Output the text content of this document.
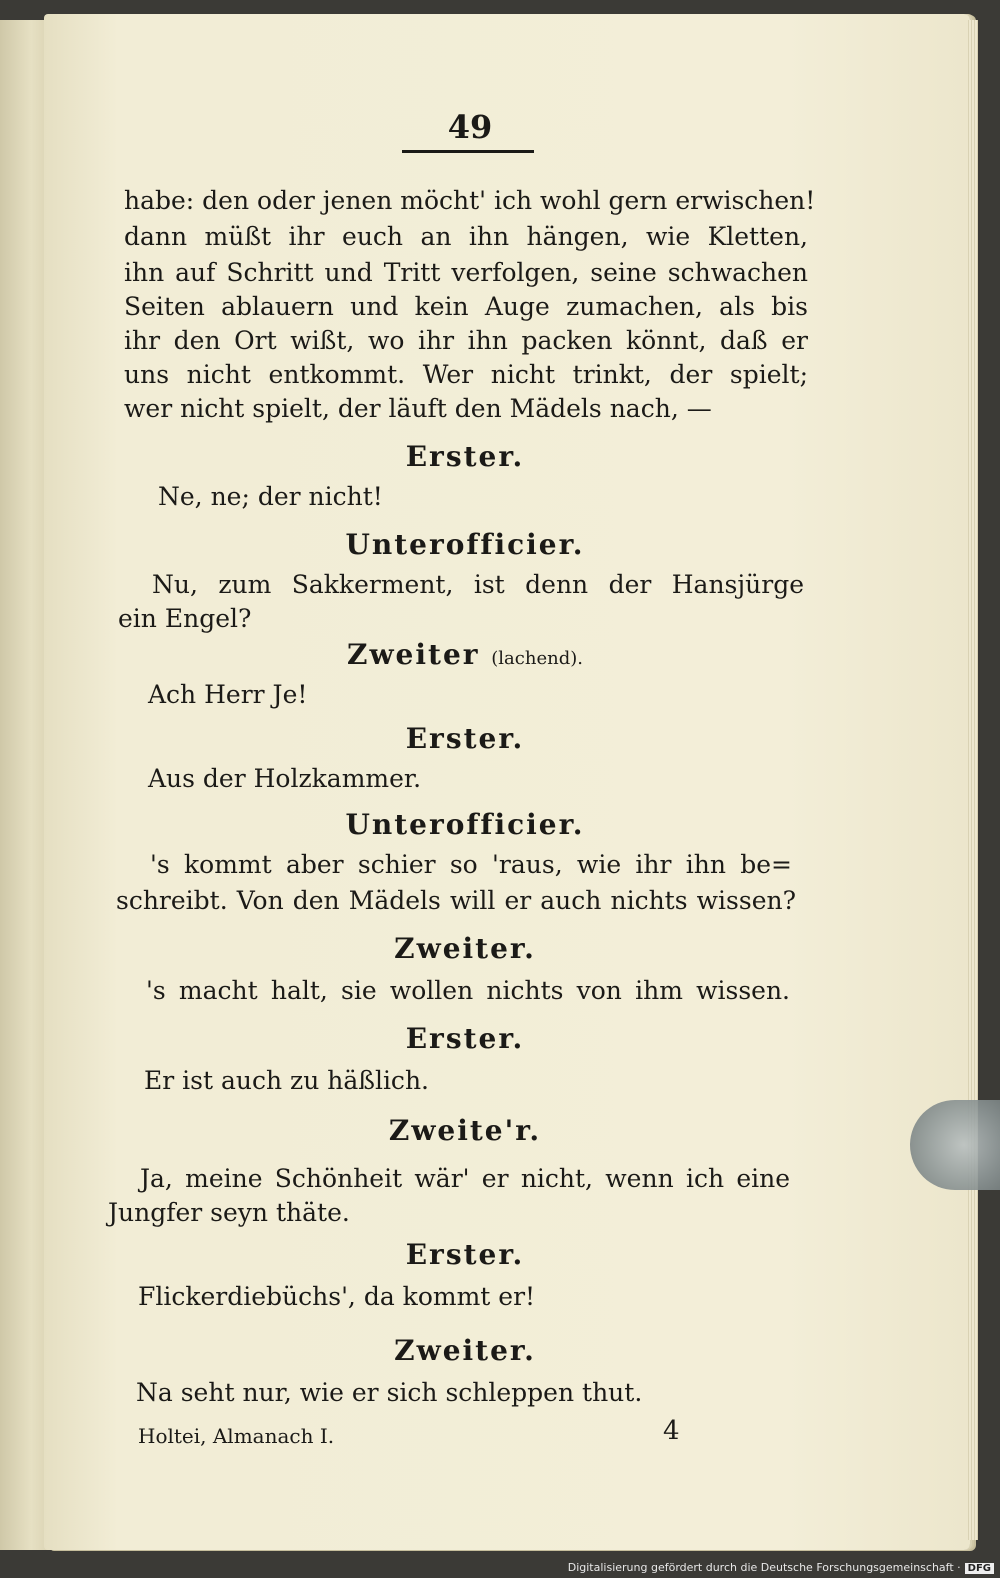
49
habe: den oder jenen möcht' ich wohl gern erwischen!
dann müßt ihr euch an ihn hängen, wie Kletten,
ihn auf Schritt und Tritt verfolgen, seine schwachen
Seiten ablauern und kein Auge zumachen, als bis
ihr den Ort wißt, wo ihr ihn packen könnt, daß er
uns nicht entkommt. Wer nicht trinkt, der spielt;
wer nicht spielt, der läuft den Mädels nach, —
Erster.
Ne, ne; der nicht!
Unterofficier.
Nu, zum Sakkerment, ist denn der Hansjürge
ein Engel?
Zweiter (lachend).
Ach Herr Je!
Erster.
Aus der Holzkammer.
Unterofficier.
's kommt aber schier so 'raus, wie ihr ihn be=
schreibt. Von den Mädels will er auch nichts wissen?
Zweiter.
's macht halt, sie wollen nichts von ihm wissen.
Erster.
Er ist auch zu häßlich.
Zweite'r.
Ja, meine Schönheit wär' er nicht, wenn ich eine
Jungfer seyn thäte.
Erster.
Flickerdiebüchs', da kommt er!
Zweiter.
Na seht nur, wie er sich schleppen thut.
Holtei, Almanach I.	4
Digitalisierung gefördert durch die Deutsche Forschungsgemeinschaft · DFG
